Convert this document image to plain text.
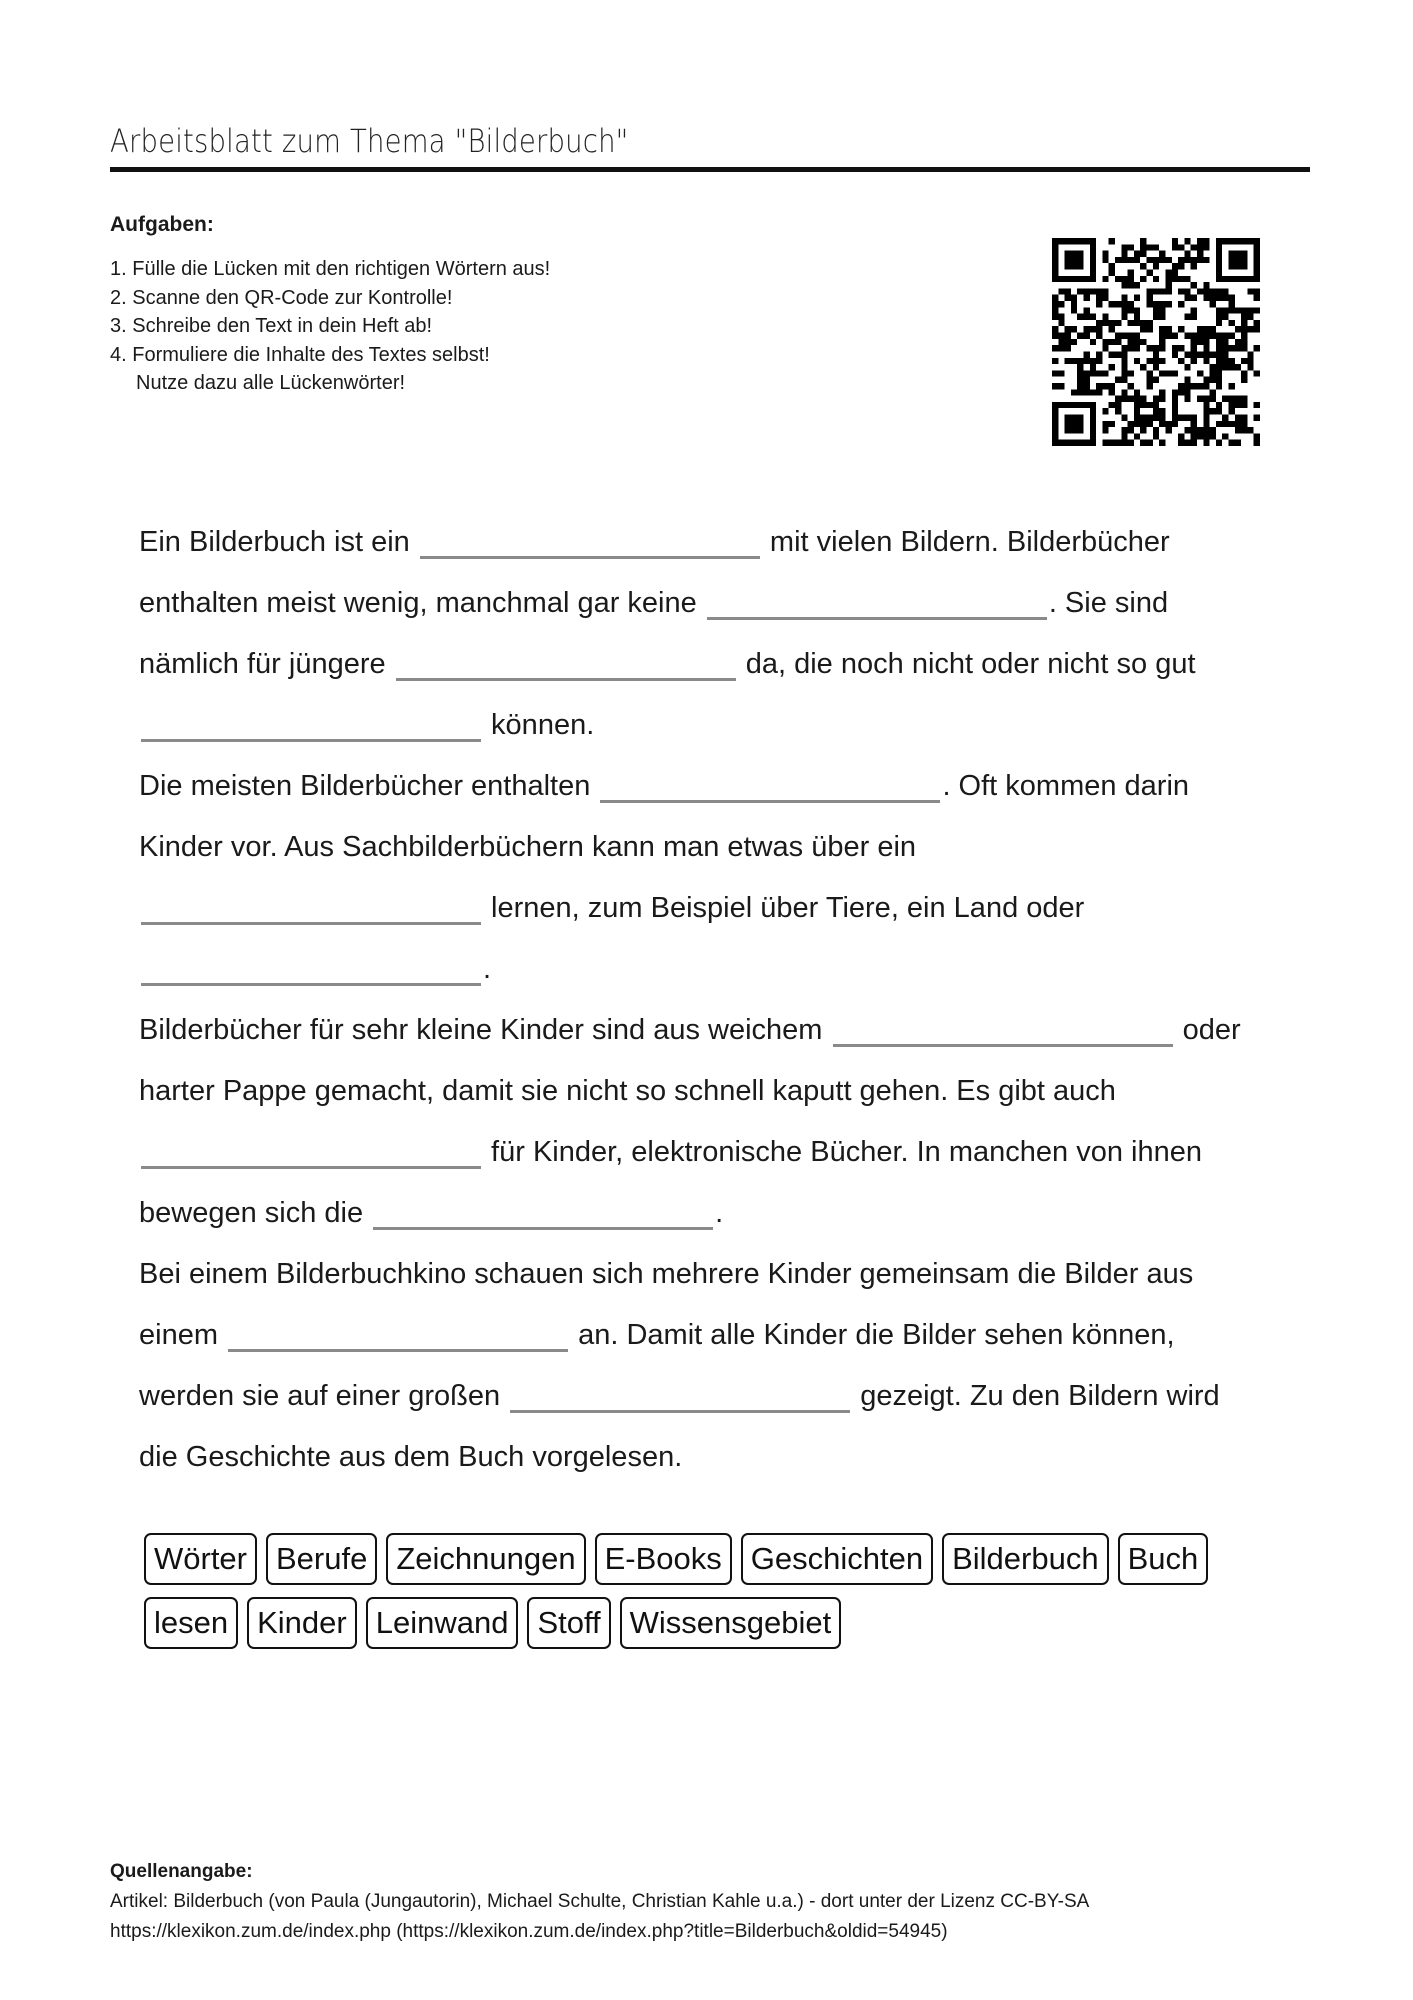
Arbeitsblatt zum Thema "Bilderbuch"
Aufgaben:
1. Fülle die Lücken mit den richtigen Wörtern aus!
2. Scanne den QR-Code zur Kontrolle!
3. Schreibe den Text in dein Heft ab!
4. Formuliere die Inhalte des Textes selbst!
Nutze dazu alle Lückenwörter!
Ein Bilderbuch ist ein	mit vielen Bildern. Bilderbücher
enthalten meist wenig, manchmal gar keine	. Sie sind
nämlich für jüngere	da, die noch nicht oder nicht so gut
können.
Die meisten Bilderbücher enthalten	. Oft kommen darin
Kinder vor. Aus Sachbilderbüchern kann man etwas über ein
lernen, zum Beispiel über Tiere, ein Land oder
.
Bilderbücher für sehr kleine Kinder sind aus weichem	oder
harter Pappe gemacht, damit sie nicht so schnell kaputt gehen. Es gibt auch
für Kinder, elektronische Bücher. In manchen von ihnen
bewegen sich die	.
Bei einem Bilderbuchkino schauen sich mehrere Kinder gemeinsam die Bilder aus
einem	an. Damit alle Kinder die Bilder sehen können,
werden sie auf einer großen	gezeigt. Zu den Bildern wird
die Geschichte aus dem Buch vorgelesen.
Wörter Berufe Zeichnungen E-Books Geschichten Bilderbuch Buch
lesen Kinder Leinwand Stoff Wissensgebiet
Quellenangabe:
Artikel: Bilderbuch (von Paula (Jungautorin), Michael Schulte, Christian Kahle u.a.) - dort unter der Lizenz CC-BY-SA
https://klexikon.zum.de/index.php (https://klexikon.zum.de/index.php?title=Bilderbuch&oldid=54945)
